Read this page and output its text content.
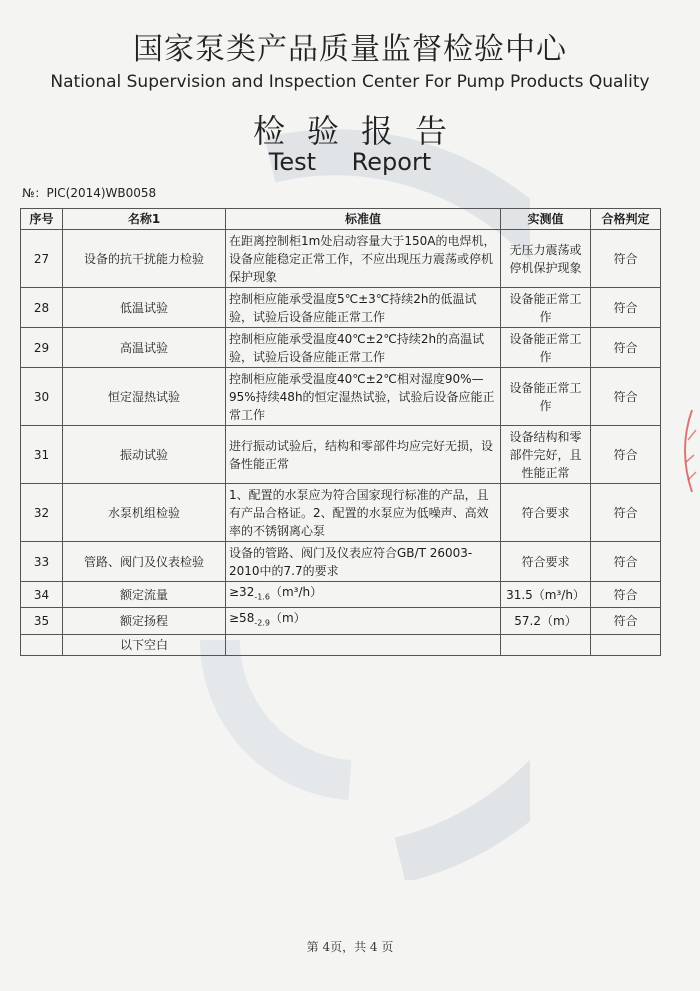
国家泵类产品质量监督检验中心
National Supervision and Inspection Center For Pump Products Quality
检验报告
Test Report
№：PIC(2014)WB0058
序号	名称1	标准值	实测值	合格判定
27	设备的抗干扰能力检验	在距离控制柜1m处启动容量大于150A的电焊机，设备应能稳定正常工作，不应出现压力震荡或停机保护现象	无压力震荡或停机保护现象	符合
28	低温试验	控制柜应能承受温度5℃±3℃持续2h的低温试验，试验后设备应能正常工作	设备能正常工作	符合
29	高温试验	控制柜应能承受温度40℃±2℃持续2h的高温试验，试验后设备应能正常工作	设备能正常工作	符合
30	恒定湿热试验	控制柜应能承受温度40℃±2℃相对湿度90%—95%持续48h的恒定湿热试验，试验后设备应能正常工作	设备能正常工作	符合
31	振动试验	进行振动试验后，结构和零部件均应完好无损，设备性能正常	设备结构和零部件完好，且性能正常	符合
32	水泵机组检验	1、配置的水泵应为符合国家现行标准的产品，且有产品合格证。2、配置的水泵应为低噪声、高效率的不锈钢离心泵	符合要求	符合
33	管路、阀门及仪表检验	设备的管路、阀门及仪表应符合GB/T 26003-2010中的7.7的要求	符合要求	符合
34	额定流量	$\ge 32_{-1.6}(m^3/h)$	31.5（m³/h）	符合
35	额定扬程	$\ge 58_{-2.9}(m)$	57.2（m）	符合
	以下空白			
第 4页，共 4 页
